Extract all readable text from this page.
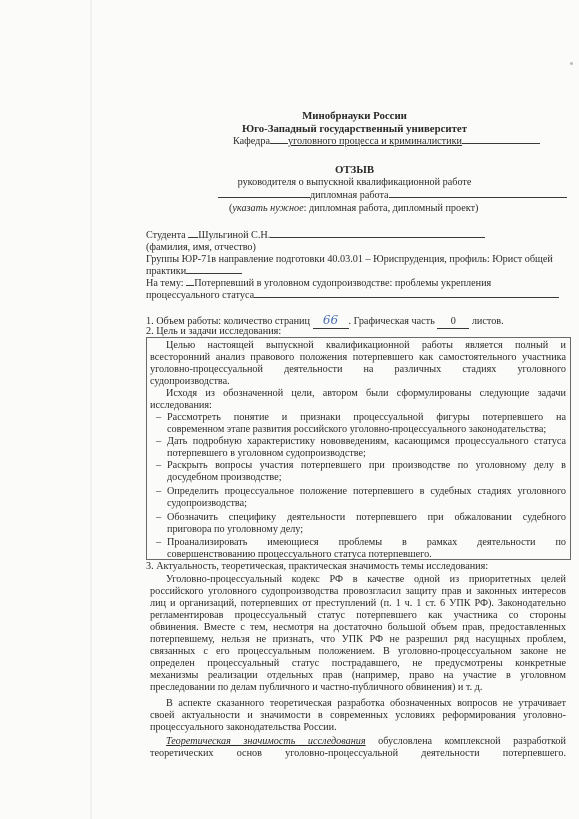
Минобрнауки России
Юго-Западный государственный университет
Кафедра уголовного процесса и криминалистики
ОТЗЫВ
руководителя о выпускной квалификационной работе
дипломная работа
(указать нужное: дипломная работа, дипломный проект)
Студента Шульгиной С.Н.
(фамилия, имя, отчество)
Группы ЮР-71в направление подготовки 40.03.01 – Юриспруденция, профиль: Юрист общей
практики
На тему: Потерпевший в уголовном судопроизводстве: проблемы укрепления
процессуального статуса
1. Объем работы: количество страниц 66 . Графическая часть 0 листов.
2. Цель и задачи исследования:
Целью настоящей выпускной квалификационной работы является полный и
всесторонний анализ правового положения потерпевшего как самостоятельного участника
уголовно-процессуальной деятельности на различных стадиях уголовного
судопроизводства.
Исходя из обозначенной цели, автором были сформулированы следующие задачи
исследования:
– Рассмотреть понятие и признаки процессуальной фигуры потерпевшего на
современном этапе развития российского уголовно-процессуального законодательства;
– Дать подробную характеристику нововведениям, касающимся процессуального статуса
потерпевшего в уголовном судопроизводстве;
– Раскрыть вопросы участия потерпевшего при производстве по уголовному делу в
досудебном производстве;
– Определить процессуальное положение потерпевшего в судебных стадиях уголовного
судопроизводства;
– Обозначить специфику деятельности потерпевшего при обжаловании судебного
приговора по уголовному делу;
– Проанализировать имеющиеся проблемы в рамках деятельности по
совершенствованию процессуального статуса потерпевшего.
3. Актуальность, теоретическая, практическая значимость темы исследования:
Уголовно-процессуальный кодекс РФ в качестве одной из приоритетных целей
российского уголовного судопроизводства провозгласил защиту прав и законных интересов
лиц и организаций, потерпевших от преступлений (п. 1 ч. 1 ст. 6 УПК РФ). Законодательно
регламентировав процессуальный статус потерпевшего как участника со стороны
обвинения. Вместе с тем, несмотря на достаточно большой объем прав, предоставленных
потерпевшему, нельзя не признать, что УПК РФ не разрешил ряд насущных проблем,
связанных с его процессуальным положением. В уголовно-процессуальном законе не
определен процессуальный статус пострадавшего, не предусмотрены конкретные
механизмы реализации отдельных прав (например, право на участие в уголовном
преследовании по делам публичного и частно-публичного обвинения) и т. д.
В аспекте сказанного теоретическая разработка обозначенных вопросов не утрачивает
своей актуальности и значимости в современных условиях реформирования уголовно-
процессуального законодательства России.
Теоретическая значимость исследования обусловлена комплексной разработкой
теоретических основ уголовно-процессуальной деятельности потерпевшего.
